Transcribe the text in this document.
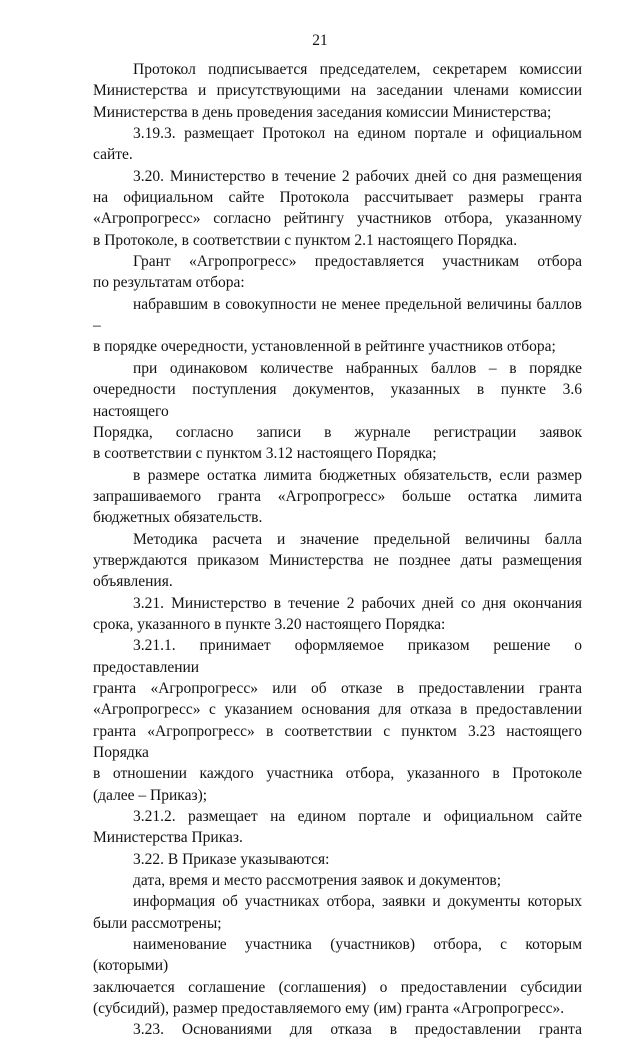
21
Протокол подписывается председателем, секретарем комиссии
Министерства и присутствующими на заседании членами комиссии
Министерства в день проведения заседания комиссии Министерства;
3.19.3. размещает Протокол на едином портале и официальном сайте.
3.20. Министерство в течение 2 рабочих дней со дня размещения
на официальном сайте Протокола рассчитывает размеры гранта
«Агропрогресс» согласно рейтингу участников отбора, указанному
в Протоколе, в соответствии с пунктом 2.1 настоящего Порядка.
Грант «Агропрогресс» предоставляется участникам отбора
по результатам отбора:
набравшим в совокупности не менее предельной величины баллов –
в порядке очередности, установленной в рейтинге участников отбора;
при одинаковом количестве набранных баллов – в порядке
очередности поступления документов, указанных в пункте 3.6 настоящего
Порядка, согласно записи в журнале регистрации заявок
в соответствии с пунктом 3.12 настоящего Порядка;
в размере остатка лимита бюджетных обязательств, если размер
запрашиваемого гранта «Агропрогресс» больше остатка лимита
бюджетных обязательств.
Методика расчета и значение предельной величины балла
утверждаются приказом Министерства не позднее даты размещения
объявления.
3.21. Министерство в течение 2 рабочих дней со дня окончания
срока, указанного в пункте 3.20 настоящего Порядка:
3.21.1. принимает оформляемое приказом решение о предоставлении
гранта «Агропрогресс» или об отказе в предоставлении гранта
«Агропрогресс» с указанием основания для отказа в предоставлении
гранта «Агропрогресс» в соответствии с пунктом 3.23 настоящего Порядка
в отношении каждого участника отбора, указанного в Протоколе
(далее – Приказ);
3.21.2. размещает на едином портале и официальном сайте
Министерства Приказ.
3.22. В Приказе указываются:
дата, время и место рассмотрения заявок и документов;
информация об участниках отбора, заявки и документы которых
были рассмотрены;
наименование участника (участников) отбора, с которым (которыми)
заключается соглашение (соглашения) о предоставлении субсидии
(субсидий), размер предоставляемого ему (им) гранта «Агропрогресс».
3.23. Основаниями для отказа в предоставлении гранта
